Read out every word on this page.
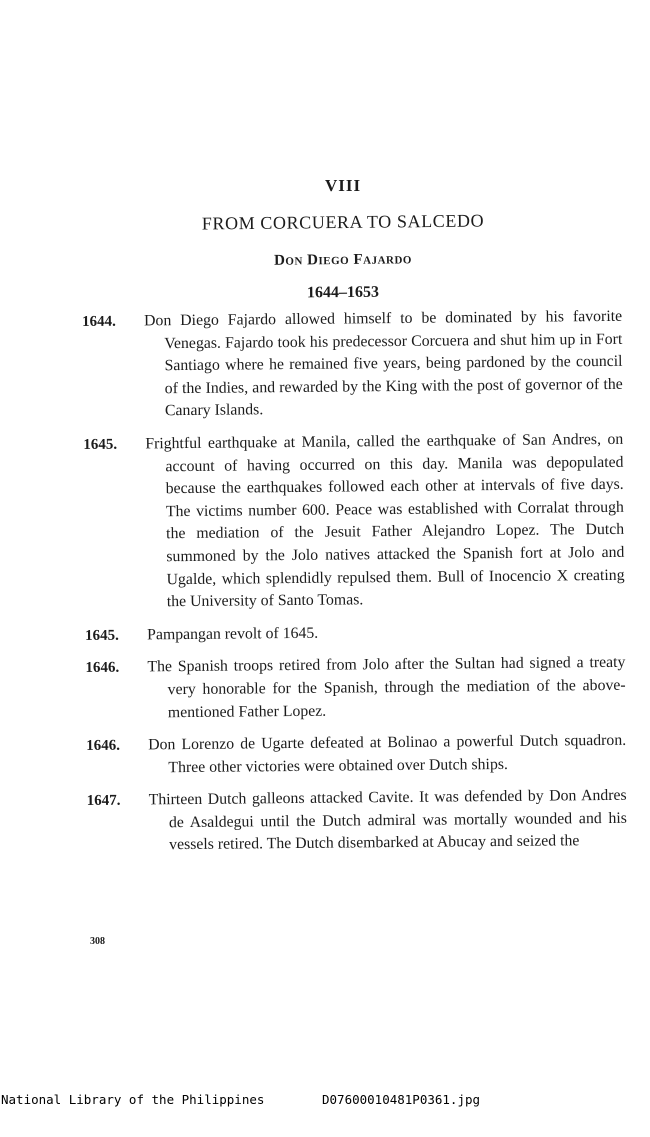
VIII
FROM CORCUERA TO SALCEDO
Don Diego Fajardo
1644–1653
1644. Don Diego Fajardo allowed himself to be dominated by his favorite Venegas. Fajardo took his predecessor Corcuera and shut him up in Fort Santiago where he remained five years, being pardoned by the council of the Indies, and rewarded by the King with the post of governor of the Canary Islands.
1645. Frightful earthquake at Manila, called the earthquake of San Andres, on account of having occurred on this day. Manila was depopulated because the earthquakes followed each other at intervals of five days. The victims number 600. Peace was established with Corralat through the mediation of the Jesuit Father Alejandro Lopez. The Dutch summoned by the Jolo natives attacked the Spanish fort at Jolo and Ugalde, which splendidly repulsed them. Bull of Inocencio X creating the University of Santo Tomas.
1645. Pampangan revolt of 1645.
1646. The Spanish troops retired from Jolo after the Sultan had signed a treaty very honorable for the Spanish, through the mediation of the above-mentioned Father Lopez.
1646. Don Lorenzo de Ugarte defeated at Bolinao a powerful Dutch squadron. Three other victories were obtained over Dutch ships.
1647. Thirteen Dutch galleons attacked Cavite. It was defended by Don Andres de Asaldegui until the Dutch admiral was mortally wounded and his vessels retired. The Dutch disembarked at Abucay and seized the
308

National Library of the Philippines

	D07600010481P0361.jpg
